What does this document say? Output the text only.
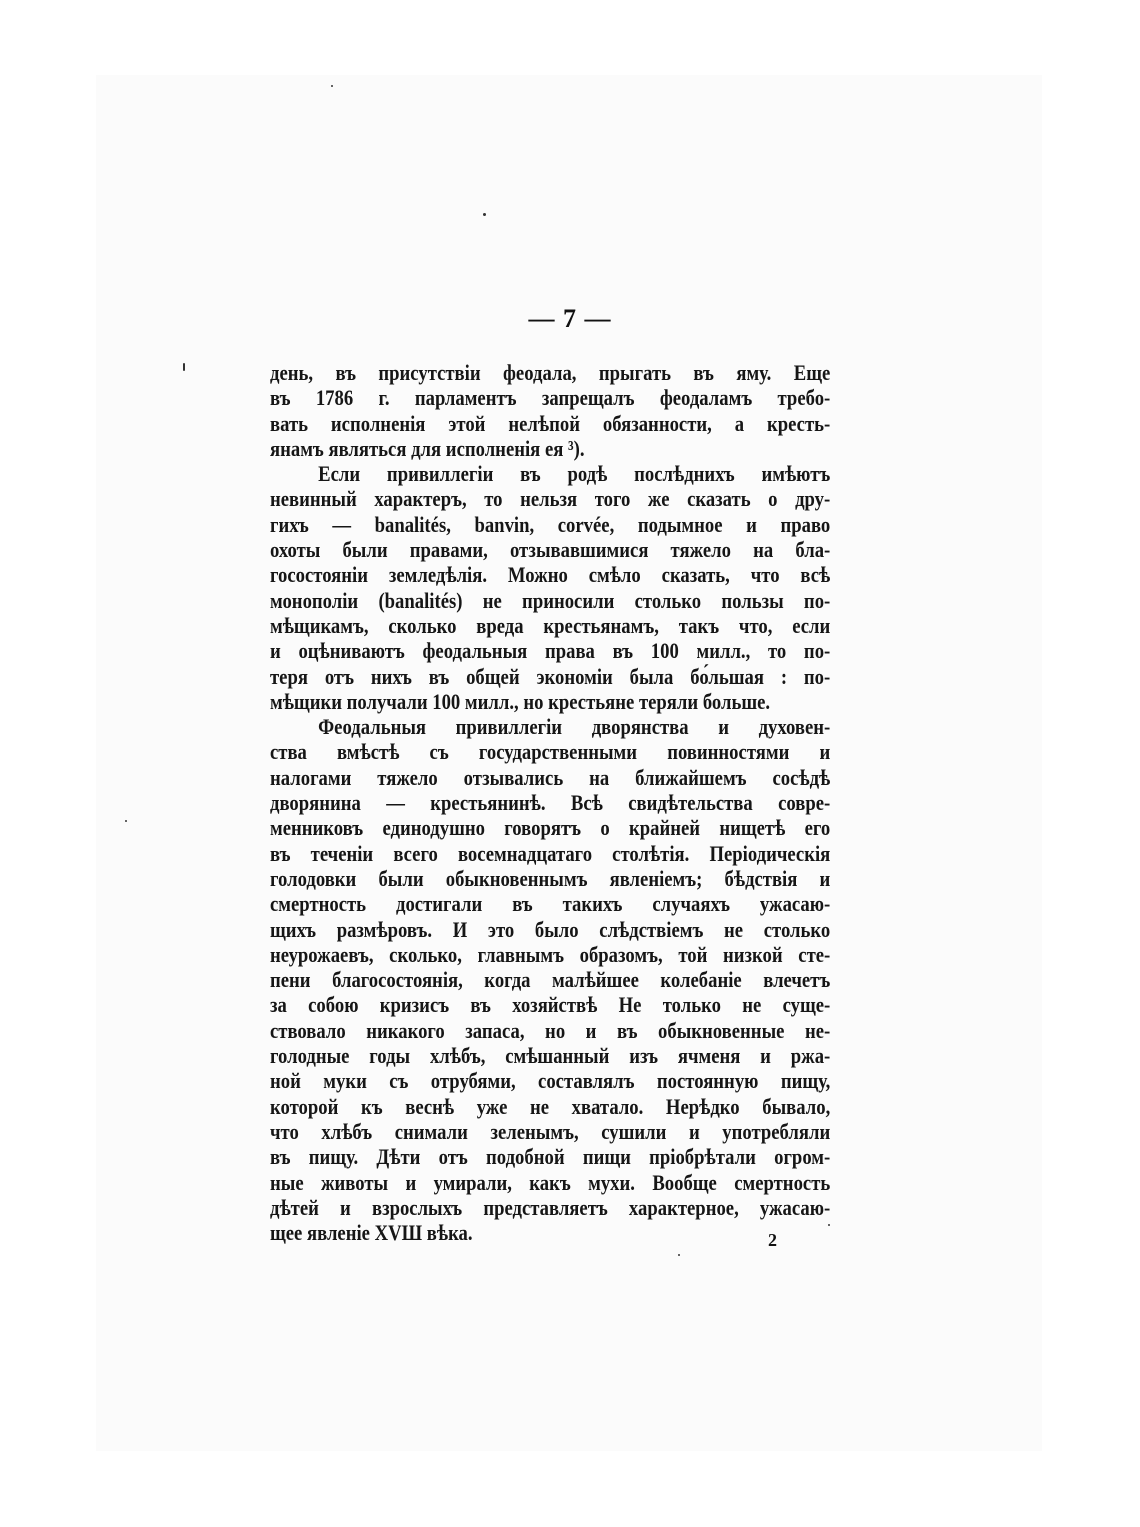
— 7 —
день, въ присутствіи феодала, прыгать въ яму. Еще
въ 1786 г. парламентъ запрещалъ феодаламъ требо-
вать исполненія этой нелѣпой обязанности, а кресть-
янамъ являться для исполненія ея ³).
Если привиллегіи въ родѣ послѣднихъ имѣютъ
невинный характеръ, то нельзя того же сказать о дру-
гихъ — banalités, banvin, corvée, подымное и право
охоты были правами, отзывавшимися тяжело на бла-
госостояніи земледѣлія. Можно смѣло сказать, что всѣ
монополіи (banalités) не приносили столько пользы по-
мѣщикамъ, сколько вреда крестьянамъ, такъ что, если
и оцѣниваютъ феодальныя права въ 100 милл., то по-
теря отъ нихъ въ общей экономіи была бо́льшая : по-
мѣщики получали 100 милл., но крестьяне теряли больше.
Феодальныя привиллегіи дворянства и духовен-
ства вмѣстѣ съ государственными повинностями и
налогами тяжело отзывались на ближайшемъ сосѣдѣ
дворянина — крестьянинѣ. Всѣ свидѣтельства совре-
менниковъ единодушно говорятъ о крайней нищетѣ его
въ теченіи всего восемнадцатаго столѣтія. Періодическія
голодовки были обыкновеннымъ явленіемъ; бѣдствія и
смертность достигали въ такихъ случаяхъ ужасаю-
щихъ размѣровъ. И это было слѣдствіемъ не столько
неурожаевъ, сколько, главнымъ образомъ, той низкой сте-
пени благосостоянія, когда малѣйшее колебаніе влечетъ
за собою кризисъ въ хозяйствѣ Не только не суще-
ствовало никакого запаса, но и въ обыкновенные не-
голодные годы хлѣбъ, смѣшанный изъ ячменя и ржа-
ной муки съ отрубями, составлялъ постоянную пищу,
которой къ веснѣ уже не хватало. Нерѣдко бывало,
что хлѣбъ снимали зеленымъ, сушили и употребляли
въ пищу. Дѣти отъ подобной пищи пріобрѣтали огром-
ные животы и умирали, какъ мухи. Вообще смертность
дѣтей и взрослыхъ представляетъ характерное, ужасаю-
щее явленіе XVШ вѣка.	2
